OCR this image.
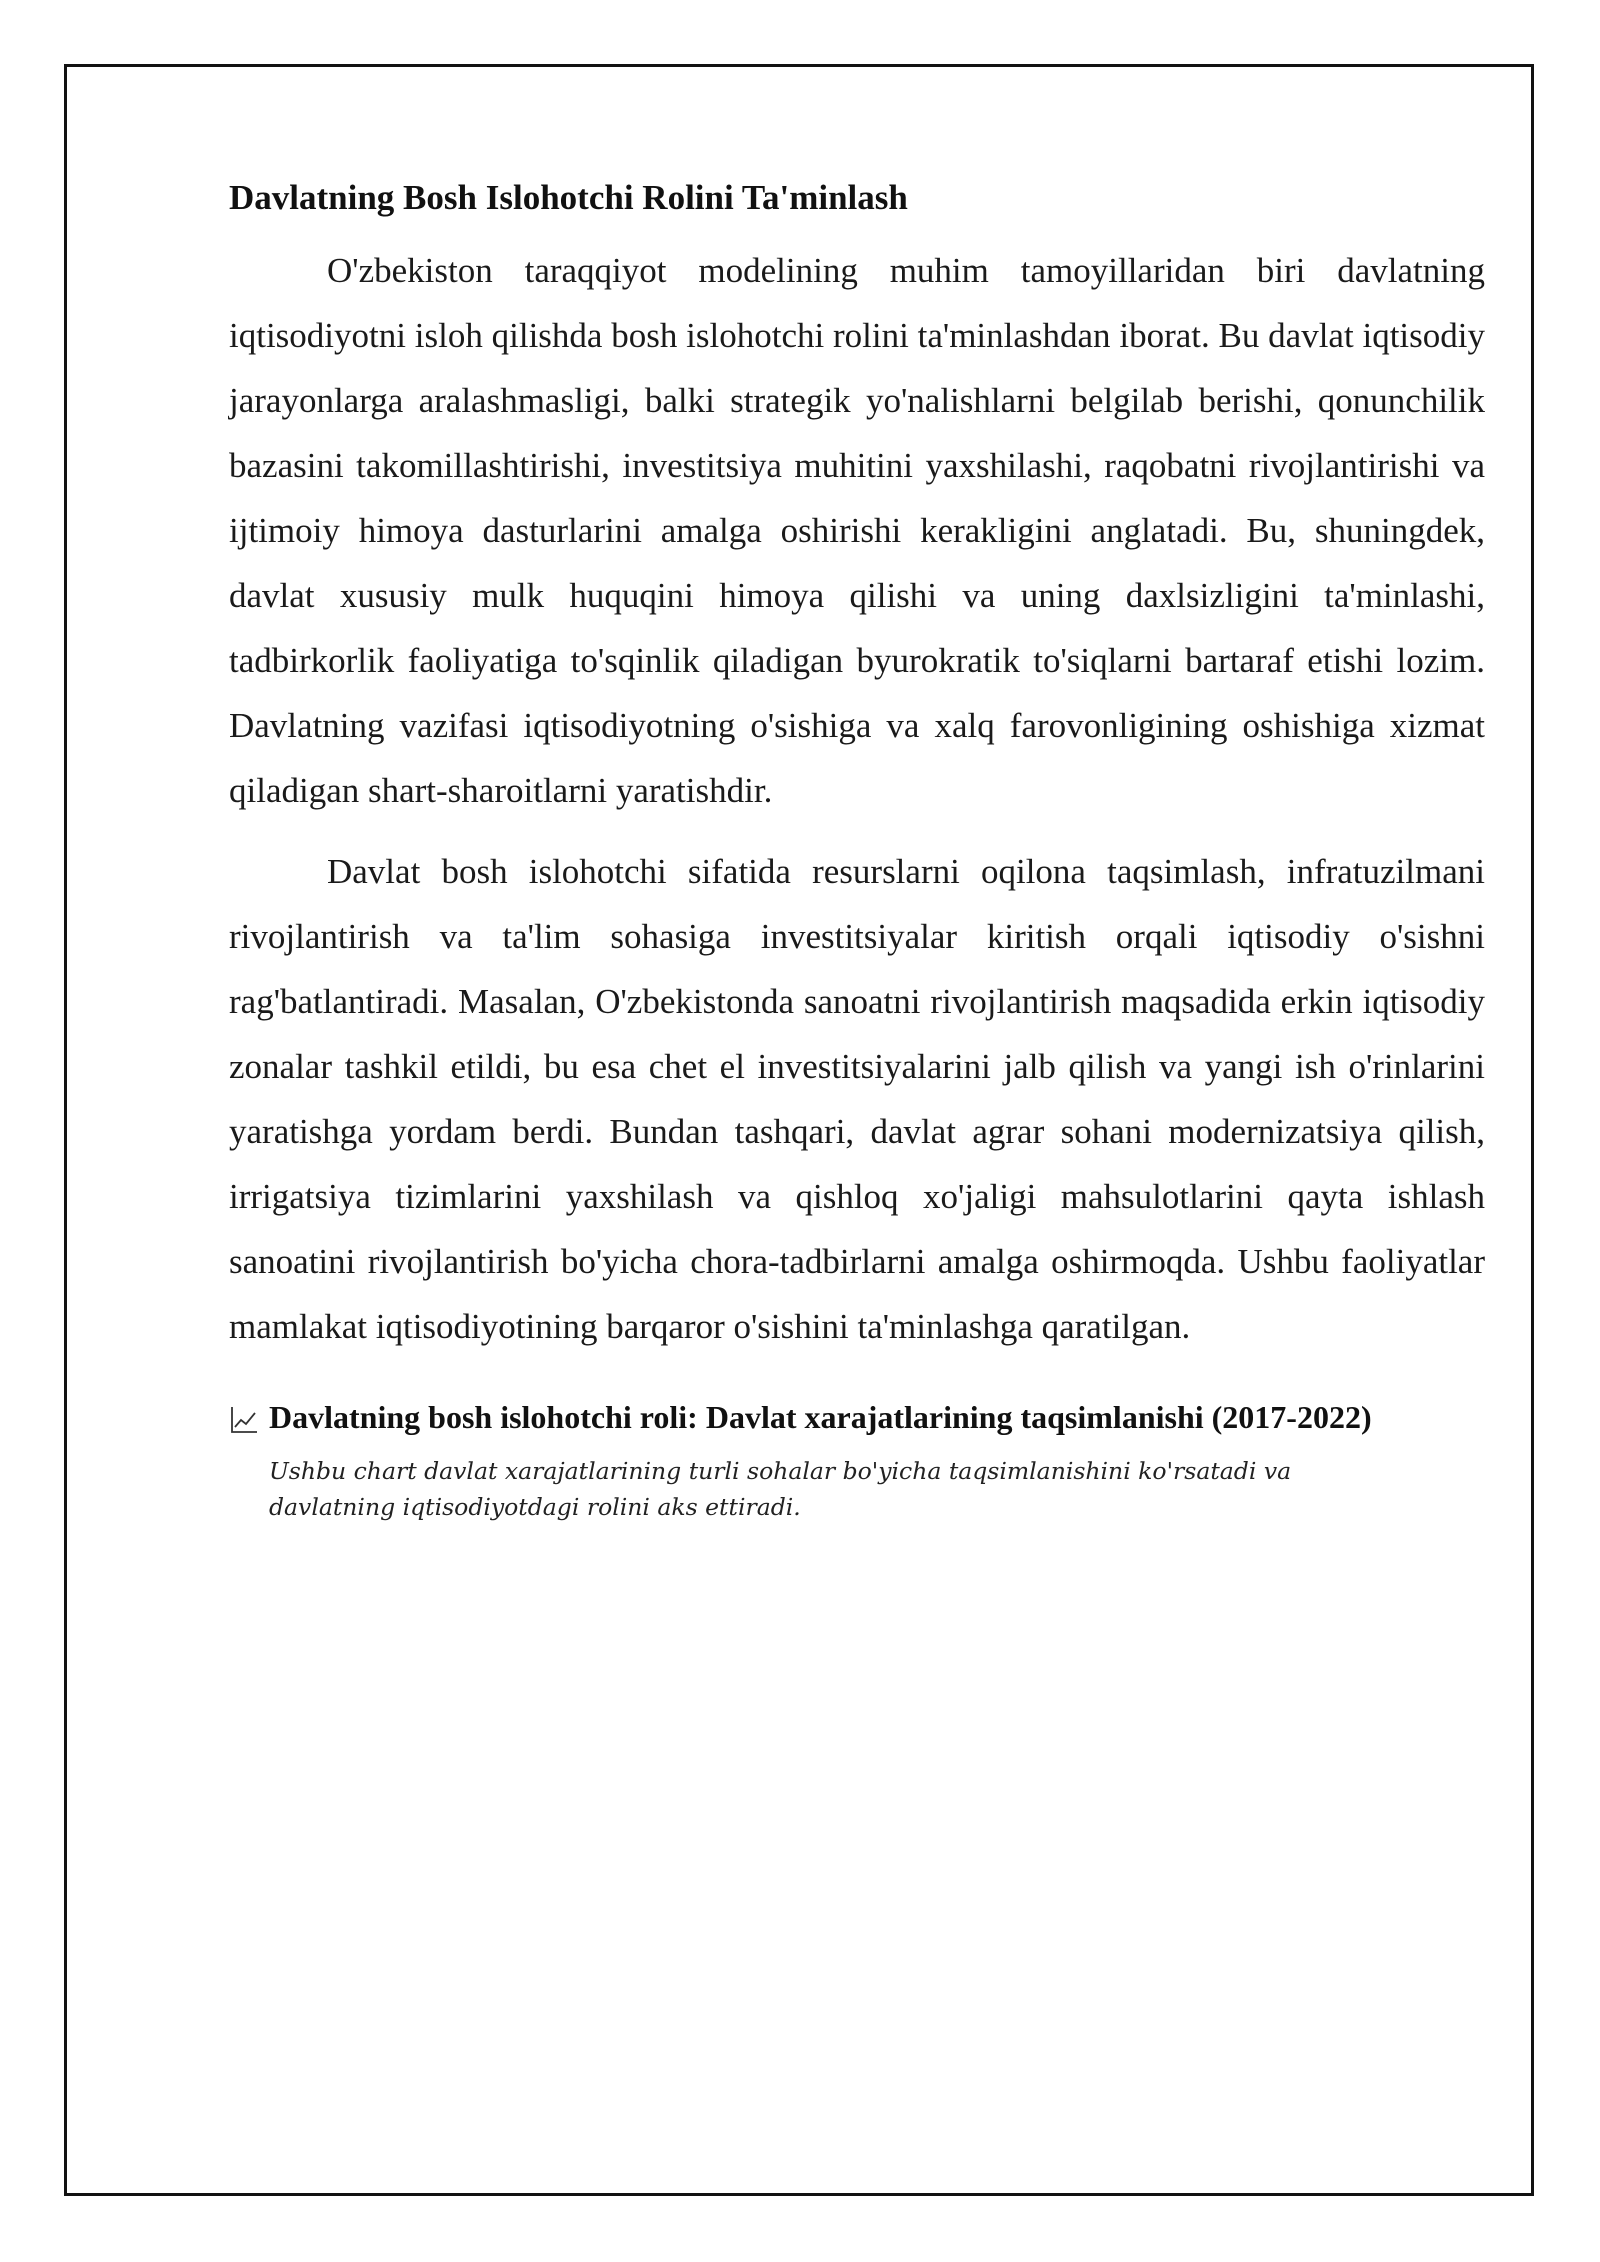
Davlatning Bosh Islohotchi Rolini Ta'minlash

O'zbekiston taraqqiyot modelining muhim tamoyillaridan biri davlatning iqtisodiyotni isloh qilishda bosh islohotchi rolini ta'minlashdan iborat. Bu davlat iqtisodiy jarayonlarga aralashmasligi, balki strategik yo'nalishlarni belgilab berishi, qonunchilik bazasini takomillashtirishi, investitsiya muhitini yaxshilashi, raqobatni rivojlantirishi va ijtimoiy himoya dasturlarini amalga oshirishi kerakligini anglatadi. Bu, shuningdek, davlat xususiy mulk huquqini himoya qilishi va uning daxlsizligini ta'minlashi, tadbirkorlik faoliyatiga to'sqinlik qiladigan byurokratik to'siqlarni bartaraf etishi lozim. Davlatning vazifasi iqtisodiyotning o'sishiga va xalq farovonligining oshishiga xizmat qiladigan shart-sharoitlarni yaratishdir.

Davlat bosh islohotchi sifatida resurslarni oqilona taqsimlash, infratuzilmani rivojlantirish va ta'lim sohasiga investitsiyalar kiritish orqali iqtisodiy o'sishni rag'batlantiradi. Masalan, O'zbekistonda sanoatni rivojlantirish maqsadida erkin iqtisodiy zonalar tashkil etildi, bu esa chet el investitsiyalarini jalb qilish va yangi ish o'rinlarini yaratishga yordam berdi. Bundan tashqari, davlat agrar sohani modernizatsiya qilish, irrigatsiya tizimlarini yaxshilash va qishloq xo'jaligi mahsulotlarini qayta ishlash sanoatini rivojlantirish bo'yicha chora-tadbirlarni amalga oshirmoqda. Ushbu faoliyatlar mamlakat iqtisodiyotining barqaror o'sishini ta'minlashga qaratilgan.

Davlatning bosh islohotchi roli: Davlat xarajatlarining taqsimlanishi (2017-2022)
Ushbu chart davlat xarajatlarining turli sohalar bo'yicha taqsimlanishini ko'rsatadi va davlatning iqtisodiyotdagi rolini aks ettiradi.
